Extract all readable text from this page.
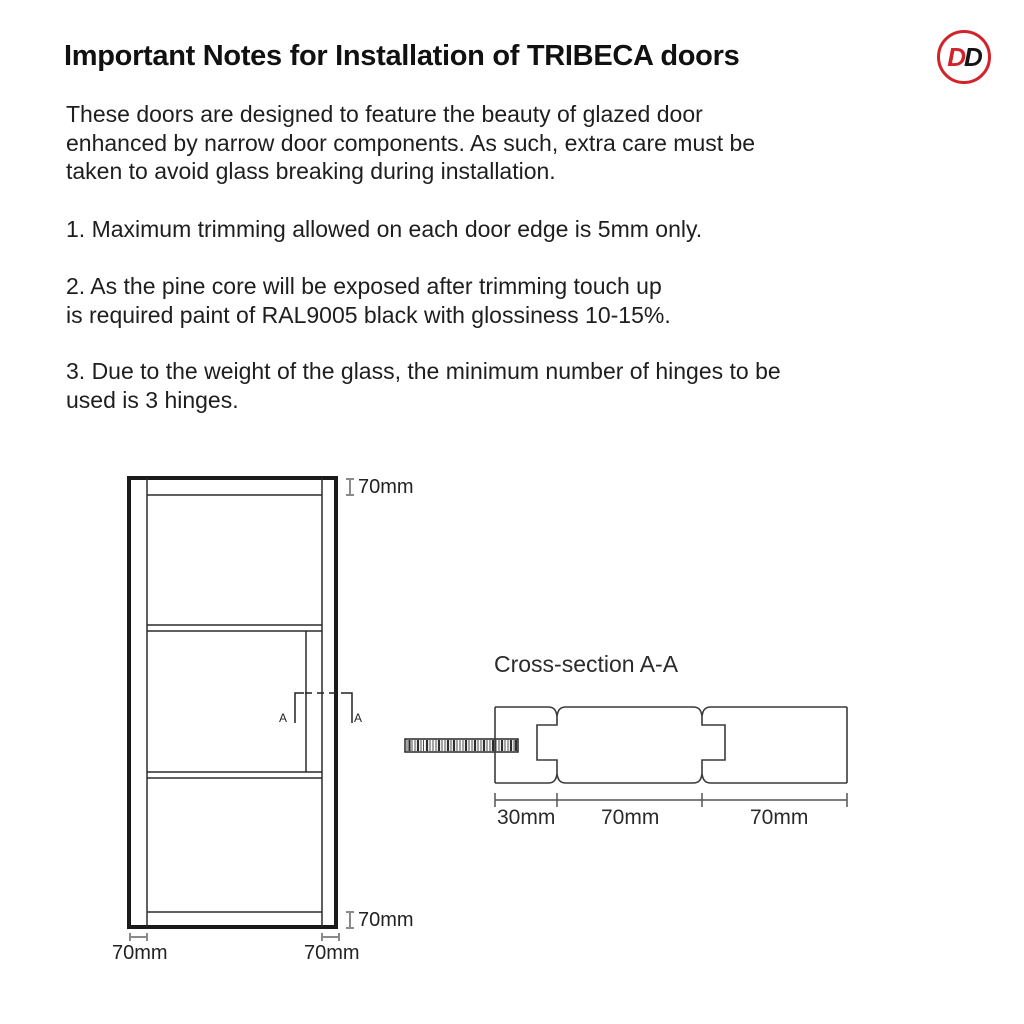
Important Notes for Installation of TRIBECA doors	D D
These doors are designed to feature the beauty of glazed door
enhanced by narrow door components. As such, extra care must be
taken to avoid glass breaking during installation.
1. Maximum trimming allowed on each door edge is 5mm only.
2. As the pine core will be exposed after trimming touch up
is required paint of RAL9005 black with glossiness 10-15%.
3. Due to the weight of the glass, the minimum number of hinges to be
used is 3 hinges.
70mm
70mm
70mm	70mm
A	A
Cross-section A-A
30mm 70mm	70mm
